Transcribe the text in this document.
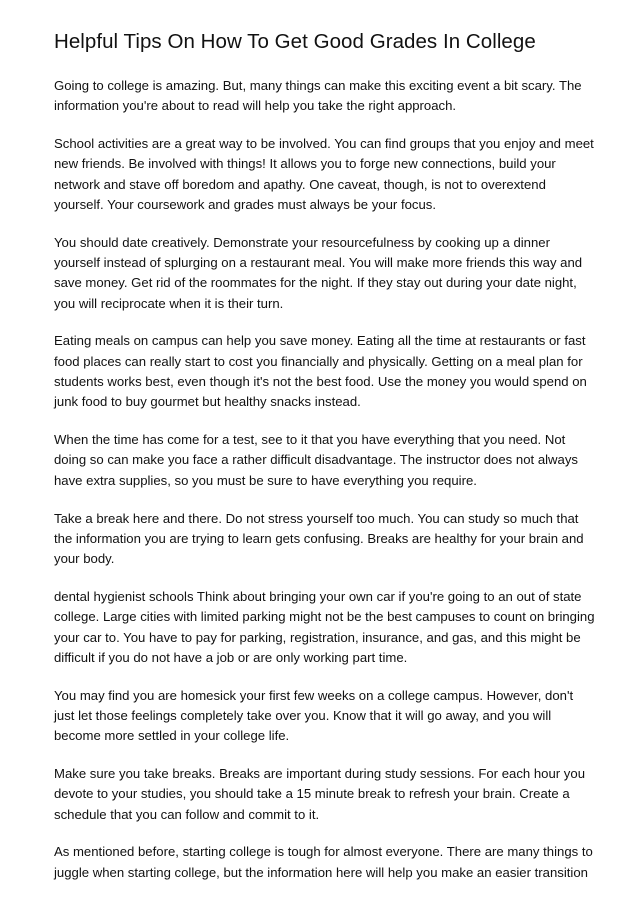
Helpful Tips On How To Get Good Grades In College

Going to college is amazing. But, many things can make this exciting event a bit scary. The
information you're about to read will help you take the right approach.

School activities are a great way to be involved. You can find groups that you enjoy and meet
new friends. Be involved with things! It allows you to forge new connections, build your
network and stave off boredom and apathy. One caveat, though, is not to overextend
yourself. Your coursework and grades must always be your focus.

You should date creatively. Demonstrate your resourcefulness by cooking up a dinner
yourself instead of splurging on a restaurant meal. You will make more friends this way and
save money. Get rid of the roommates for the night. If they stay out during your date night,
you will reciprocate when it is their turn.

Eating meals on campus can help you save money. Eating all the time at restaurants or fast
food places can really start to cost you financially and physically. Getting on a meal plan for
students works best, even though it's not the best food. Use the money you would spend on
junk food to buy gourmet but healthy snacks instead.

When the time has come for a test, see to it that you have everything that you need. Not
doing so can make you face a rather difficult disadvantage. The instructor does not always
have extra supplies, so you must be sure to have everything you require.

Take a break here and there. Do not stress yourself too much. You can study so much that
the information you are trying to learn gets confusing. Breaks are healthy for your brain and
your body.

dental hygienist schools Think about bringing your own car if you're going to an out of state
college. Large cities with limited parking might not be the best campuses to count on bringing
your car to. You have to pay for parking, registration, insurance, and gas, and this might be
difficult if you do not have a job or are only working part time.

You may find you are homesick your first few weeks on a college campus. However, don't
just let those feelings completely take over you. Know that it will go away, and you will
become more settled in your college life.

Make sure you take breaks. Breaks are important during study sessions. For each hour you
devote to your studies, you should take a 15 minute break to refresh your brain. Create a
schedule that you can follow and commit to it.

As mentioned before, starting college is tough for almost everyone. There are many things to
juggle when starting college, but the information here will help you make an easier transition
